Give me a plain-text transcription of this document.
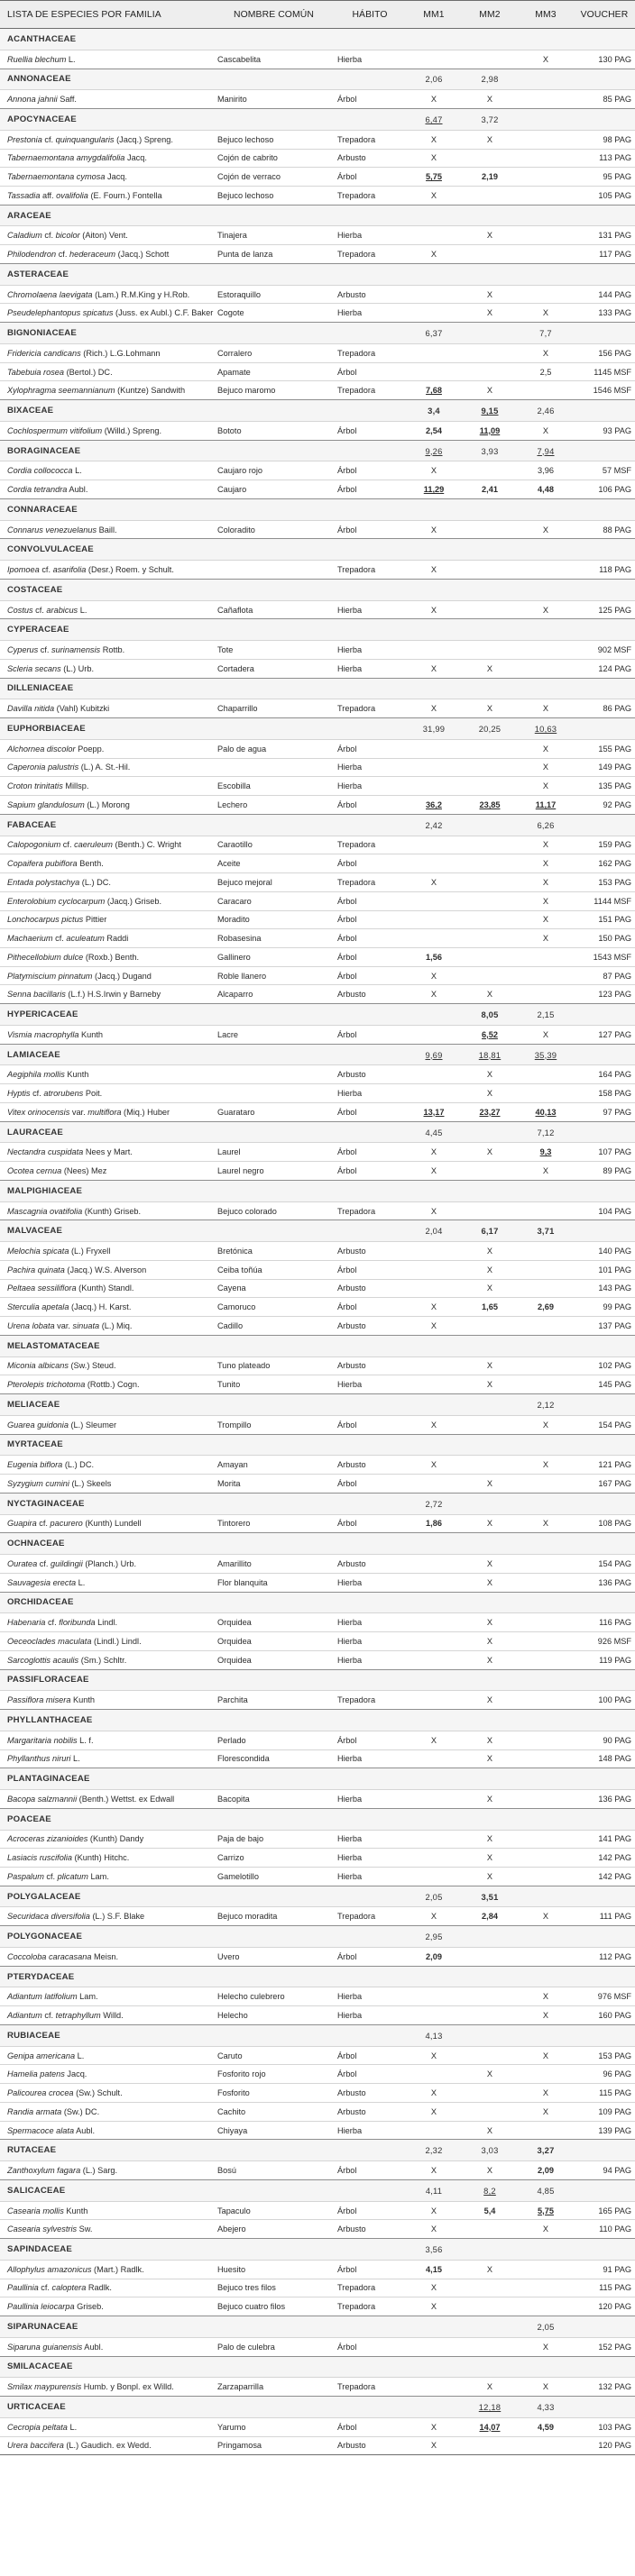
LISTA DE ESPECIES POR FAMILIA	NOMBRE COMÚN	HÁBITO	MM1	MM2	MM3	VOUCHER
ACANTHACEAE						
Ruellia blechum L.	Cascabelita	Hierba			X	130 PAG
ANNONACEAE			2,06	2,98		
Annona jahnii Saff.	Manirito	Árbol	X	X		85 PAG
APOCYNACEAE			6,47	3,72		
Prestonia cf. quinquangularis (Jacq.) Spreng.	Bejuco lechoso	Trepadora	X	X		98 PAG
Tabernaemontana amygdalifolia Jacq.	Cojón de cabrito	Arbusto	X			113 PAG
Tabernaemontana cymosa Jacq.	Cojón de verraco	Árbol	5,75	2,19		95 PAG
Tassadia aff. ovalifolia (E. Fourn.) Fontella	Bejuco lechoso	Trepadora	X			105 PAG
ARACEAE						
Caladium cf. bicolor (Aiton) Vent.	Tinajera	Hierba		X		131 PAG
Philodendron cf. hederaceum (Jacq.) Schott	Punta de lanza	Trepadora	X			117 PAG
ASTERACEAE						
Chromolaena laevigata (Lam.) R.M.King y H.Rob.	Estoraquillo	Arbusto		X		144 PAG
Pseudelephantopus spicatus (Juss. ex Aubl.) C.F. Baker	Cogote	Hierba		X	X	133 PAG
BIGNONIACEAE			6,37		7,7	
Fridericia candicans (Rich.) L.G.Lohmann	Corralero	Trepadora			X	156 PAG
Tabebuia rosea (Bertol.) DC.	Apamate	Árbol			2,5	1145 MSF
Xylophragma seemannianum (Kuntze) Sandwith	Bejuco maromo	Trepadora	7,68	X		1546 MSF
BIXACEAE			3,4	9,15	2,46	
Cochlospermum vitifolium (Willd.) Spreng.	Bototo	Árbol	2,54	11,09	X	93 PAG
BORAGINACEAE			9,26	3,93	7,94	
Cordia collococca L.	Caujaro rojo	Árbol	X		3,96	57 MSF
Cordia tetrandra Aubl.	Caujaro	Árbol	11,29	2,41	4,48	106 PAG
CONNARACEAE						
Connarus venezuelanus Baill.	Coloradito	Árbol	X		X	88 PAG
CONVOLVULACEAE						
Ipomoea cf. asarifolia (Desr.) Roem. y Schult.		Trepadora	X			118 PAG
COSTACEAE						
Costus cf. arabicus L.	Cañaflota	Hierba	X		X	125 PAG
CYPERACEAE						
Cyperus cf. surinamensis Rottb.	Tote	Hierba				902 MSF
Scleria secans (L.) Urb.	Cortadera	Hierba	X	X		124 PAG
DILLENIACEAE						
Davilla nitida (Vahl) Kubitzki	Chaparrillo	Trepadora	X	X	X	86 PAG
EUPHORBIACEAE			31,99	20,25	10,63	
Alchornea discolor Poepp.	Palo de agua	Árbol			X	155 PAG
Caperonia palustris (L.) A. St.-Hil.		Hierba			X	149 PAG
Croton trinitatis Millsp.	Escobilla	Hierba			X	135 PAG
Sapium glandulosum (L.) Morong	Lechero	Árbol	36,2	23,85	11,17	92 PAG
FABACEAE			2,42		6,26	
Calopogonium cf. caeruleum (Benth.) C. Wright	Caraotillo	Trepadora			X	159 PAG
Copaifera pubiflora Benth.	Aceite	Árbol			X	162 PAG
Entada polystachya (L.) DC.	Bejuco mejoral	Trepadora	X		X	153 PAG
Enterolobium cyclocarpum (Jacq.) Griseb.	Caracaro	Árbol			X	1144 MSF
Lonchocarpus pictus Pittier	Moradito	Árbol			X	151 PAG
Machaerium cf. aculeatum Raddi	Robasesina	Árbol			X	150 PAG
Pithecellobium dulce (Roxb.) Benth.	Gallinero	Árbol	1,56			1543 MSF
Platymiscium pinnatum (Jacq.) Dugand	Roble llanero	Árbol	X			87 PAG
Senna bacillaris (L.f.) H.S.Irwin y Barneby	Alcaparro	Arbusto	X	X		123 PAG
HYPERICACEAE				8,05	2,15	
Vismia macrophylla Kunth	Lacre	Árbol		6,52	X	127 PAG
LAMIACEAE			9,69	18,81	35,39	
Aegiphila mollis Kunth		Arbusto		X		164 PAG
Hyptis cf. atrorubens Poit.		Hierba		X		158 PAG
Vitex orinocensis var. multiflora (Miq.) Huber	Guarataro	Árbol	13,17	23,27	40,13	97 PAG
LAURACEAE			4,45		7,12	
Nectandra cuspidata Nees y Mart.	Laurel	Árbol	X	X	9,3	107 PAG
Ocotea cernua (Nees) Mez	Laurel negro	Árbol	X		X	89 PAG
MALPIGHIACEAE						
Mascagnia ovatifolia (Kunth) Griseb.	Bejuco colorado	Trepadora	X			104 PAG
MALVACEAE			2,04	6,17	3,71	
Melochia spicata (L.) Fryxell	Bretónica	Arbusto		X		140 PAG
Pachira quinata (Jacq.) W.S. Alverson	Ceiba toñúa	Árbol		X		101 PAG
Peltaea sessiliflora (Kunth) Standl.	Cayena	Arbusto		X		143 PAG
Sterculia apetala (Jacq.) H. Karst.	Camoruco	Árbol	X	1,65	2,69	99 PAG
Urena lobata var. sinuata (L.) Miq.	Cadillo	Arbusto	X			137 PAG
MELASTOMATACEAE						
Miconia albicans (Sw.) Steud.	Tuno plateado	Arbusto		X		102 PAG
Pterolepis trichotoma (Rottb.) Cogn.	Tunito	Hierba		X		145 PAG
MELIACEAE					2,12	
Guarea guidonia (L.) Sleumer	Trompillo	Árbol	X		X	154 PAG
MYRTACEAE						
Eugenia biflora (L.) DC.	Amayan	Arbusto	X		X	121 PAG
Syzygium cumini (L.) Skeels	Morita	Árbol		X		167 PAG
NYCTAGINACEAE			2,72			
Guapira cf. pacurero (Kunth) Lundell	Tintorero	Árbol	1,86	X	X	108 PAG
OCHNACEAE						
Ouratea cf. guildingii (Planch.) Urb.	Amarillito	Arbusto		X		154 PAG
Sauvagesia erecta L.	Flor blanquita	Hierba		X		136 PAG
ORCHIDACEAE						
Habenaria cf. floribunda Lindl.	Orquidea	Hierba		X		116 PAG
Oeceoclades maculata (Lindl.) Lindl.	Orquidea	Hierba		X		926 MSF
Sarcoglottis acaulis (Sm.) Schltr.	Orquidea	Hierba		X		119 PAG
PASSIFLORACEAE						
Passiflora misera Kunth	Parchita	Trepadora		X		100 PAG
PHYLLANTHACEAE						
Margaritaria nobilis L. f.	Perlado	Árbol	X	X		90 PAG
Phyllanthus niruri L.	Florescondida	Hierba		X		148 PAG
PLANTAGINACEAE						
Bacopa salzmannii (Benth.) Wettst. ex Edwall	Bacopita	Hierba		X		136 PAG
POACEAE						
Acroceras zizanioides (Kunth) Dandy	Paja de bajo	Hierba		X		141 PAG
Lasiacis ruscifolia (Kunth) Hitchc.	Carrizo	Hierba		X		142 PAG
Paspalum cf. plicatum Lam.	Gamelotillo	Hierba		X		142 PAG
POLYGALACEAE			2,05	3,51		
Securidaca diversifolia (L.) S.F. Blake	Bejuco moradita	Trepadora	X	2,84	X	111 PAG
POLYGONACEAE			2,95			
Coccoloba caracasana Meisn.	Uvero	Árbol	2,09			112 PAG
PTERYDACEAE						
Adiantum latifolium Lam.	Helecho culebrero	Hierba			X	976 MSF
Adiantum cf. tetraphyllum Willd.	Helecho	Hierba			X	160 PAG
RUBIACEAE			4,13			
Genipa americana L.	Caruto	Árbol	X		X	153 PAG
Hamelia patens Jacq.	Fosforito rojo	Árbol		X		96 PAG
Palicourea crocea (Sw.) Schult.	Fosforito	Arbusto	X		X	115 PAG
Randia armata (Sw.) DC.	Cachito	Arbusto	X		X	109 PAG
Spermacoce alata Aubl.	Chiyaya	Hierba		X		139 PAG
RUTACEAE			2,32	3,03	3,27	
Zanthoxylum fagara (L.) Sarg.	Bosú	Árbol	X	X	2,09	94 PAG
SALICACEAE			4,11	8,2	4,85	
Casearia mollis Kunth	Tapaculo	Árbol	X	5,4	5,75	165 PAG
Casearia sylvestris Sw.	Abejero	Arbusto	X		X	110 PAG
SAPINDACEAE			3,56			
Allophylus amazonicus (Mart.) Radlk.	Huesito	Árbol	4,15	X		91 PAG
Paullinia cf. caloptera Radlk.	Bejuco tres filos	Trepadora	X			115 PAG
Paullinia leiocarpa Griseb.	Bejuco cuatro filos	Trepadora	X			120 PAG
SIPARUNACEAE					2,05	
Siparuna guianensis Aubl.	Palo de culebra	Árbol			X	152 PAG
SMILACACEAE						
Smilax maypurensis Humb. y Bonpl. ex Willd.	Zarzaparrilla	Trepadora		X	X	132 PAG
URTICACEAE				12,18	4,33	
Cecropia peltata L.	Yarumo	Árbol	X	14,07	4,59	103 PAG
Urera baccifera (L.) Gaudich. ex Wedd.	Pringamosa	Arbusto	X			120 PAG
